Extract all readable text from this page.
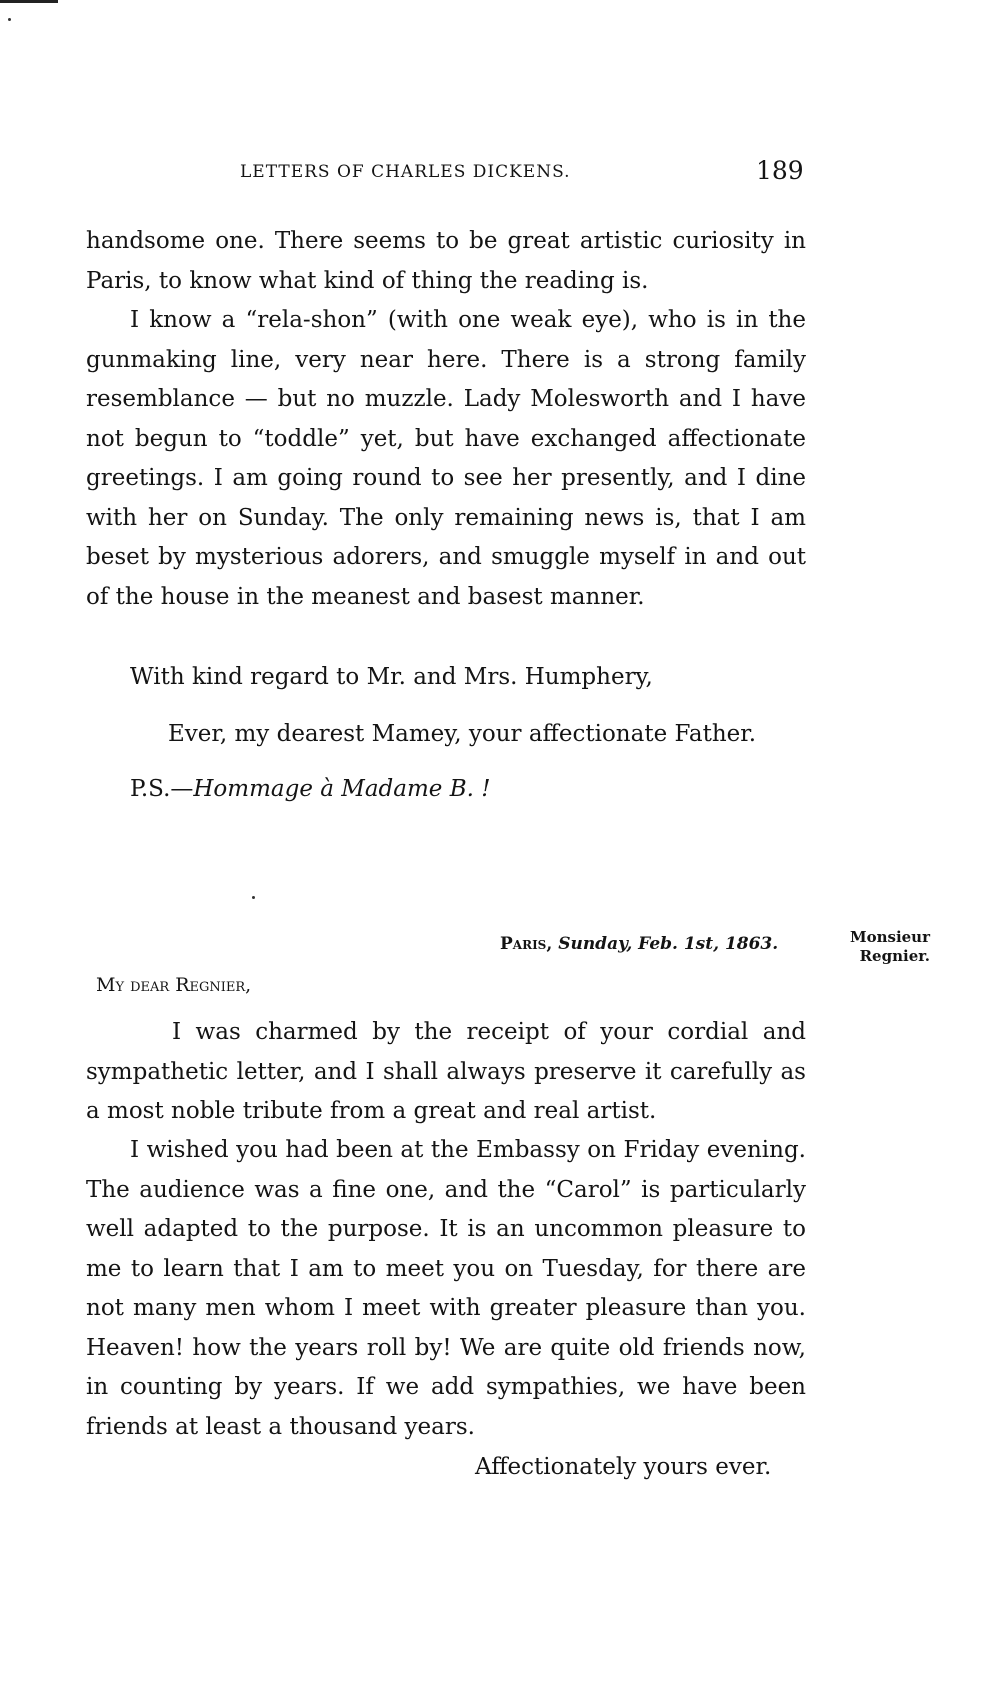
LETTERS OF CHARLES DICKENS.	189

handsome one. There seems to be great artistic curiosity in Paris, to know what kind of thing the reading is.

I know a “rela-shon” (with one weak eye), who is in the gunmaking line, very near here. There is a strong family resemblance — but no muzzle. Lady Molesworth and I have not begun to “toddle” yet, but have exchanged affectionate greetings. I am going round to see her presently, and I dine with her on Sunday. The only remaining news is, that I am beset by mysterious adorers, and smuggle myself in and out of the house in the meanest and basest manner.

With kind regard to Mr. and Mrs. Humphery,

Ever, my dearest Mamey, your affectionate Father.

P.S.—Hommage à Madame B. !

Paris, Sunday, Feb. 1st, 1863.	Monsieur Regnier.
My dear Regnier,

I was charmed by the receipt of your cordial and sympathetic letter, and I shall always preserve it carefully as a most noble tribute from a great and real artist.

I wished you had been at the Embassy on Friday evening. The audience was a fine one, and the “Carol” is particularly well adapted to the purpose. It is an uncommon pleasure to me to learn that I am to meet you on Tuesday, for there are not many men whom I meet with greater pleasure than you. Heaven! how the years roll by! We are quite old friends now, in counting by years. If we add sympathies, we have been friends at least a thousand years.

Affectionately yours ever.
